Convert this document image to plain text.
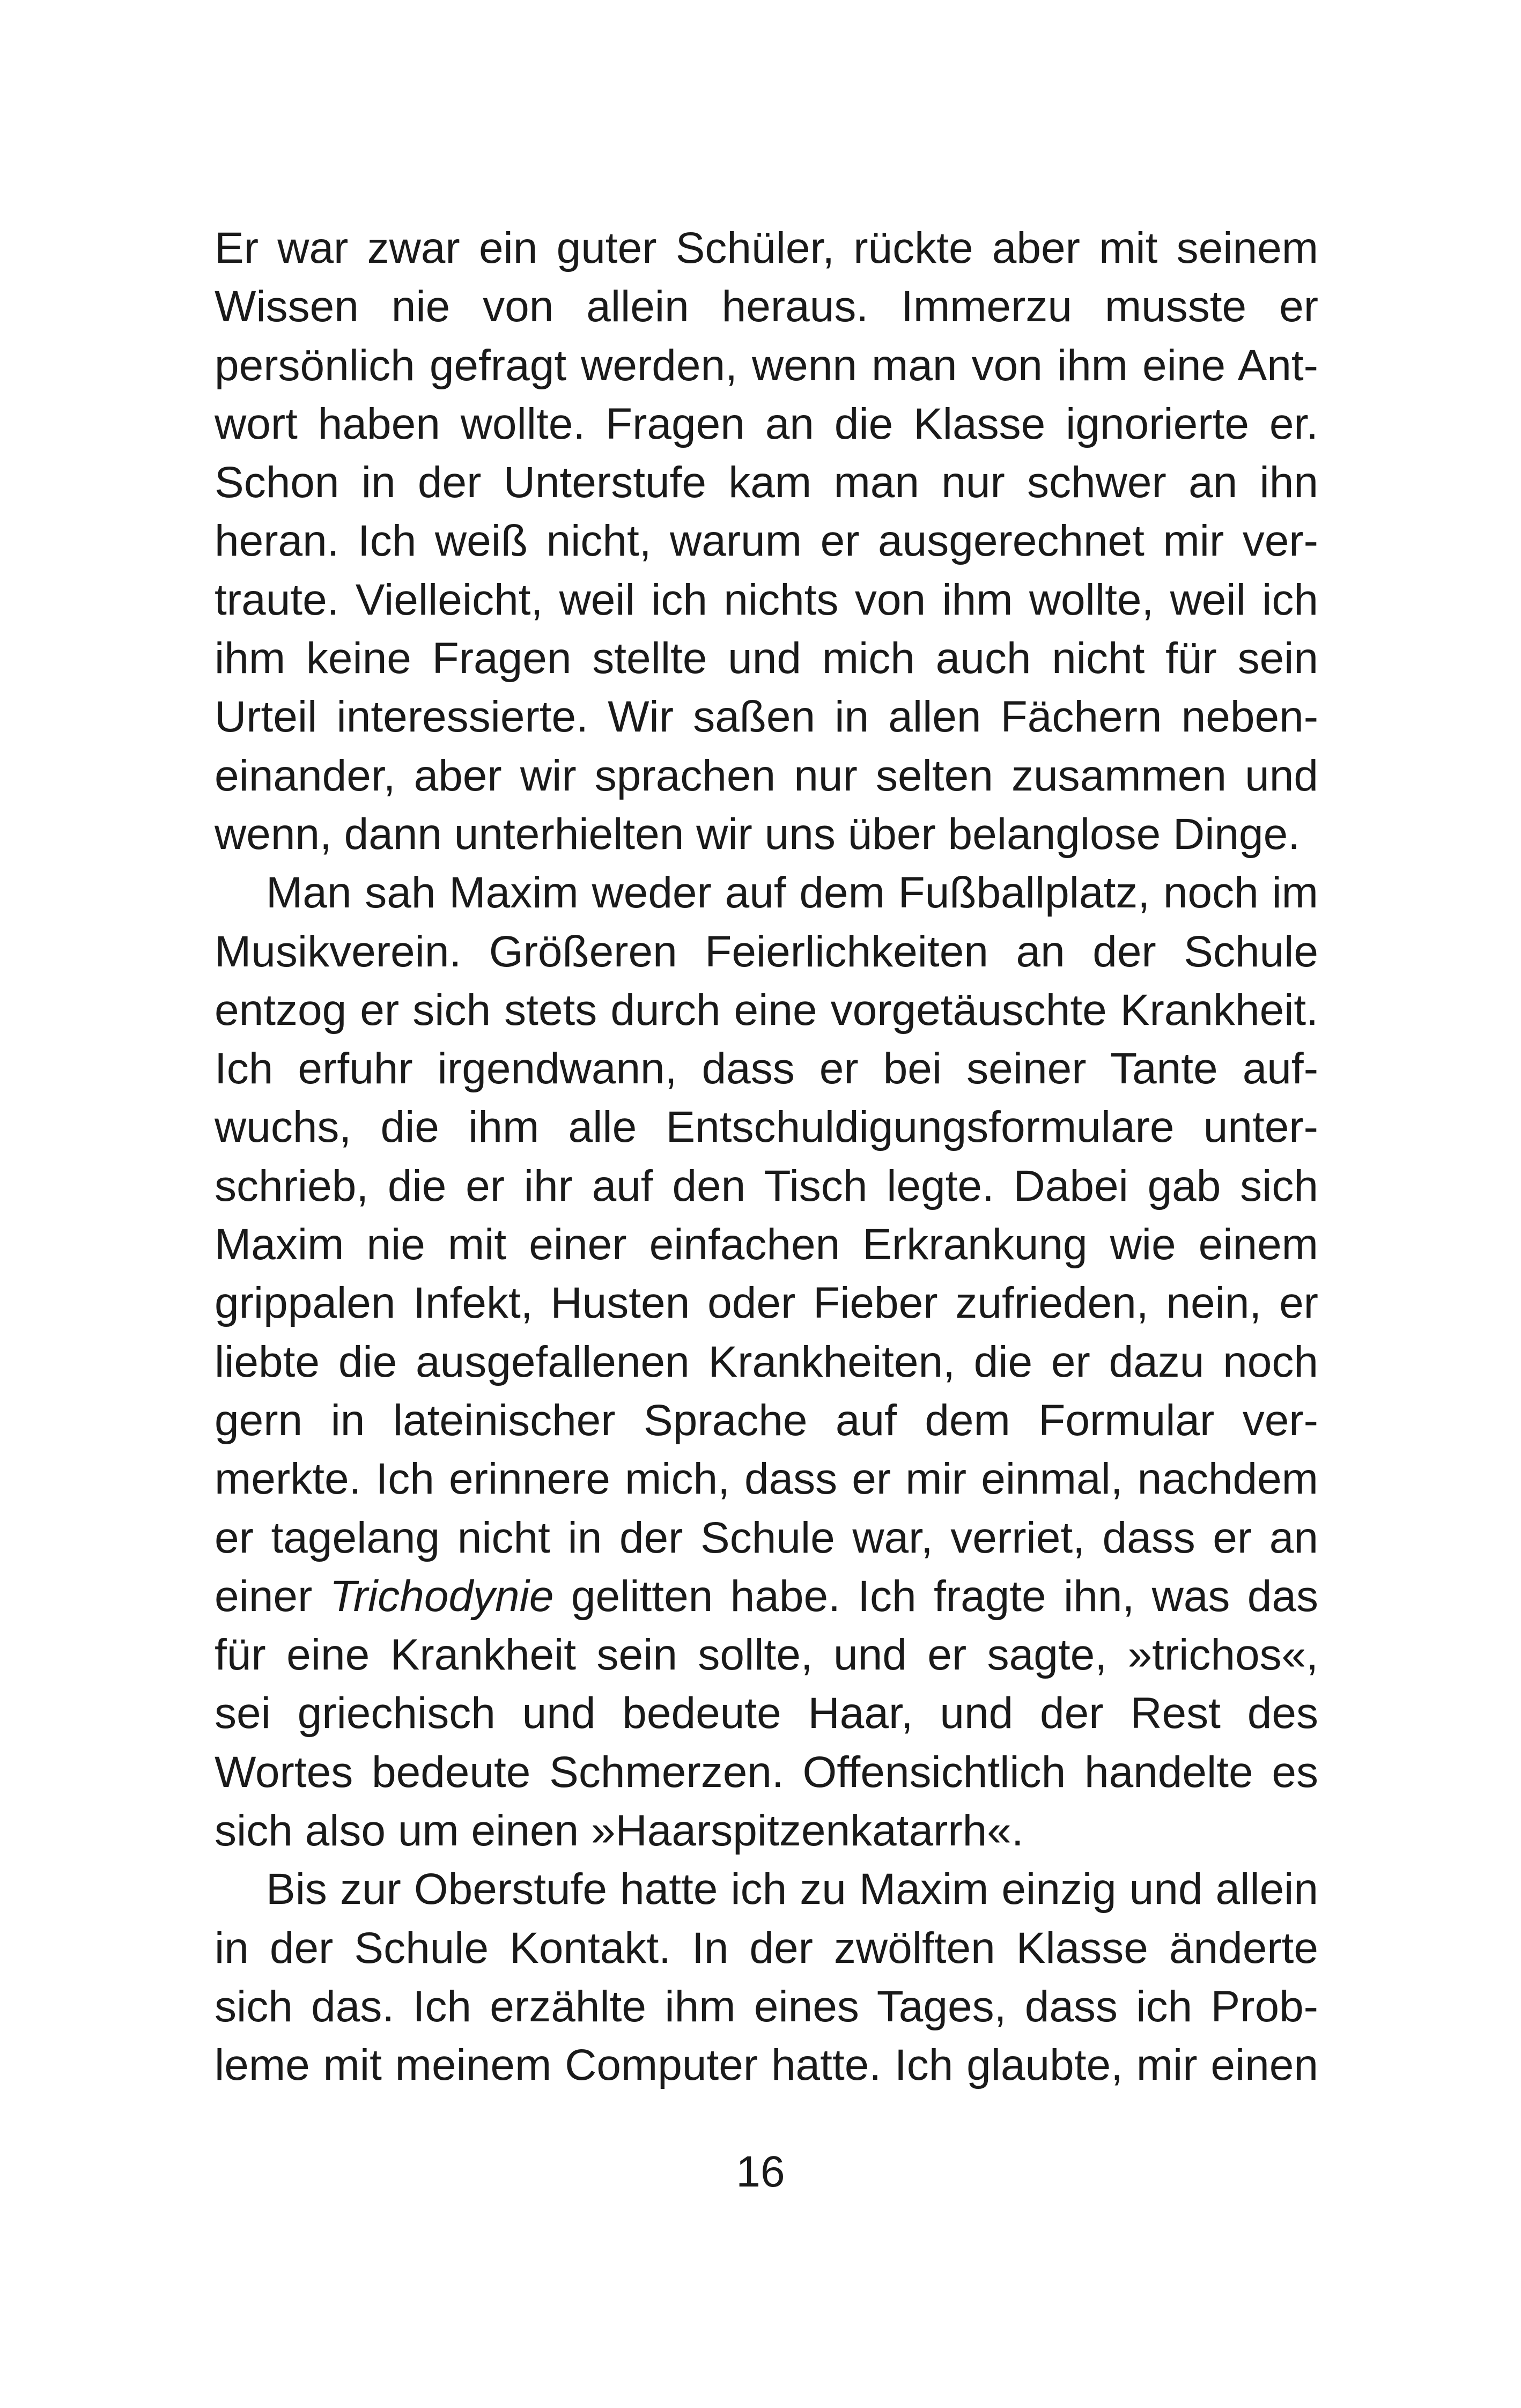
Er war zwar ein guter Schüler, rückte aber mit seinem
Wissen nie von allein heraus. Immerzu musste er
persönlich gefragt werden, wenn man von ihm eine Ant-
wort haben wollte. Fragen an die Klasse ignorierte er.
Schon in der Unterstufe kam man nur schwer an ihn
heran. Ich weiß nicht, warum er ausgerechnet mir ver-
traute. Vielleicht, weil ich nichts von ihm wollte, weil ich
ihm keine Fragen stellte und mich auch nicht für sein
Urteil interessierte. Wir saßen in allen Fächern neben-
einander, aber wir sprachen nur selten zusammen und
wenn, dann unterhielten wir uns über belanglose Dinge.
Man sah Maxim weder auf dem Fußballplatz, noch im
Musikverein. Größeren Feierlichkeiten an der Schule
entzog er sich stets durch eine vorgetäuschte Krankheit.
Ich erfuhr irgendwann, dass er bei seiner Tante auf-
wuchs, die ihm alle Entschuldigungsformulare unter-
schrieb, die er ihr auf den Tisch legte. Dabei gab sich
Maxim nie mit einer einfachen Erkrankung wie einem
grippalen Infekt, Husten oder Fieber zufrieden, nein, er
liebte die ausgefallenen Krankheiten, die er dazu noch
gern in lateinischer Sprache auf dem Formular ver-
merkte. Ich erinnere mich, dass er mir einmal, nachdem
er tagelang nicht in der Schule war, verriet, dass er an
einer Trichodynie gelitten habe. Ich fragte ihn, was das
für eine Krankheit sein sollte, und er sagte, »trichos«,
sei griechisch und bedeute Haar, und der Rest des
Wortes bedeute Schmerzen. Offensichtlich handelte es
sich also um einen »Haarspitzenkatarrh«.
Bis zur Oberstufe hatte ich zu Maxim einzig und allein
in der Schule Kontakt. In der zwölften Klasse änderte
sich das. Ich erzählte ihm eines Tages, dass ich Prob-
leme mit meinem Computer hatte. Ich glaubte, mir einen
16
